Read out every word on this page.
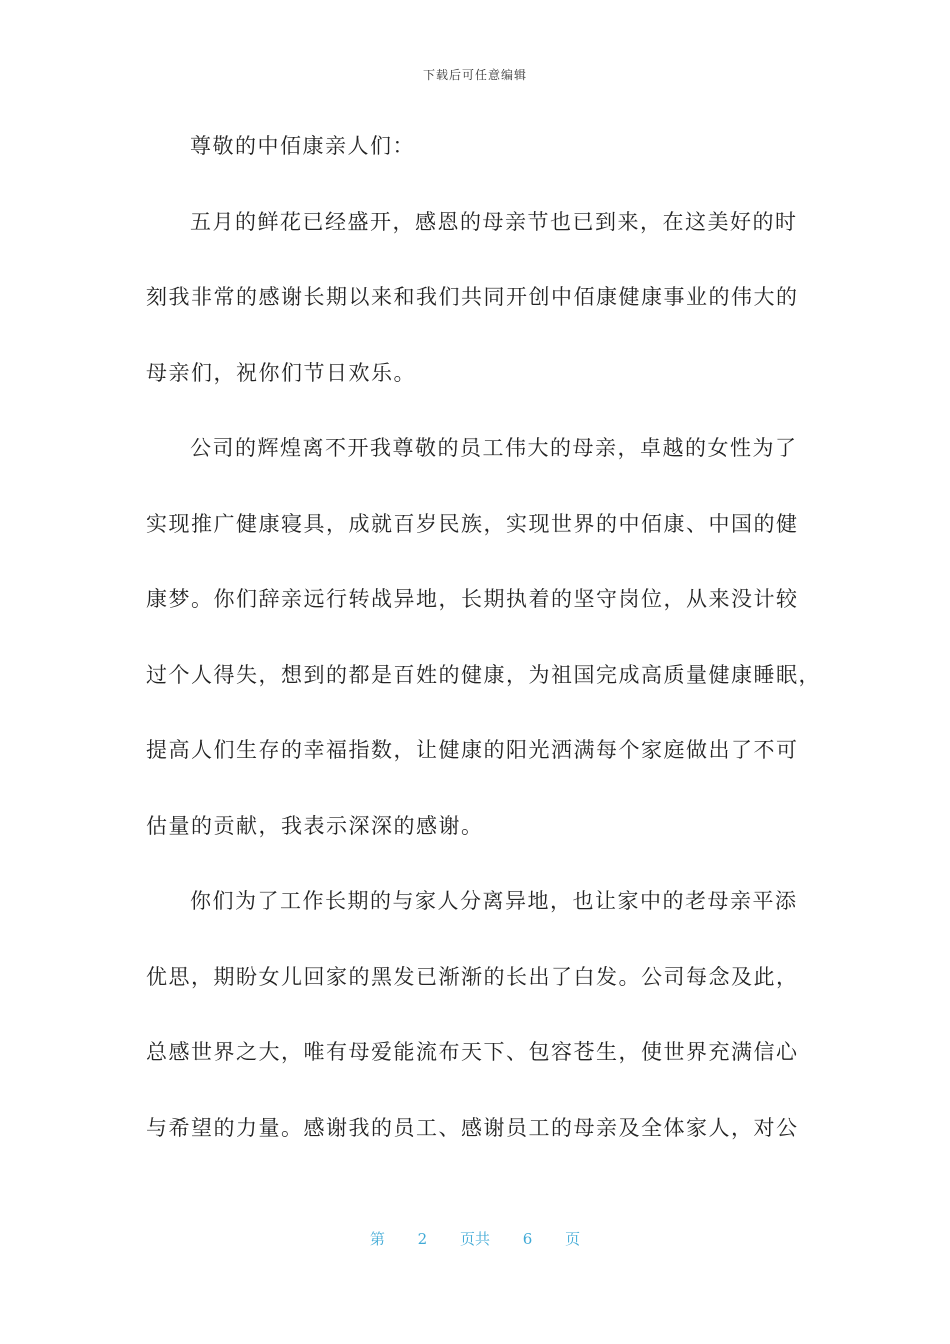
下载后可任意编辑
尊敬的中佰康亲人们：
五月的鲜花已经盛开，感恩的母亲节也已到来，在这美好的时
刻我非常的感谢长期以来和我们共同开创中佰康健康事业的伟大的
母亲们，祝你们节日欢乐。
公司的辉煌离不开我尊敬的员工伟大的母亲，卓越的女性为了
实现推广健康寝具，成就百岁民族，实现世界的中佰康、中国的健
康梦。你们辞亲远行转战异地，长期执着的坚守岗位，从来没计较
过个人得失，想到的都是百姓的健康，为祖国完成高质量健康睡眠，
提高人们生存的幸福指数，让健康的阳光洒满每个家庭做出了不可
估量的贡献，我表示深深的感谢。
你们为了工作长期的与家人分离异地，也让家中的老母亲平添
优思，期盼女儿回家的黑发已渐渐的长出了白发。公司每念及此，
总感世界之大，唯有母爱能流布天下、包容苍生，使世界充满信心
与希望的力量。感谢我的员工、感谢员工的母亲及全体家人，对公
第 2 页共 6 页
